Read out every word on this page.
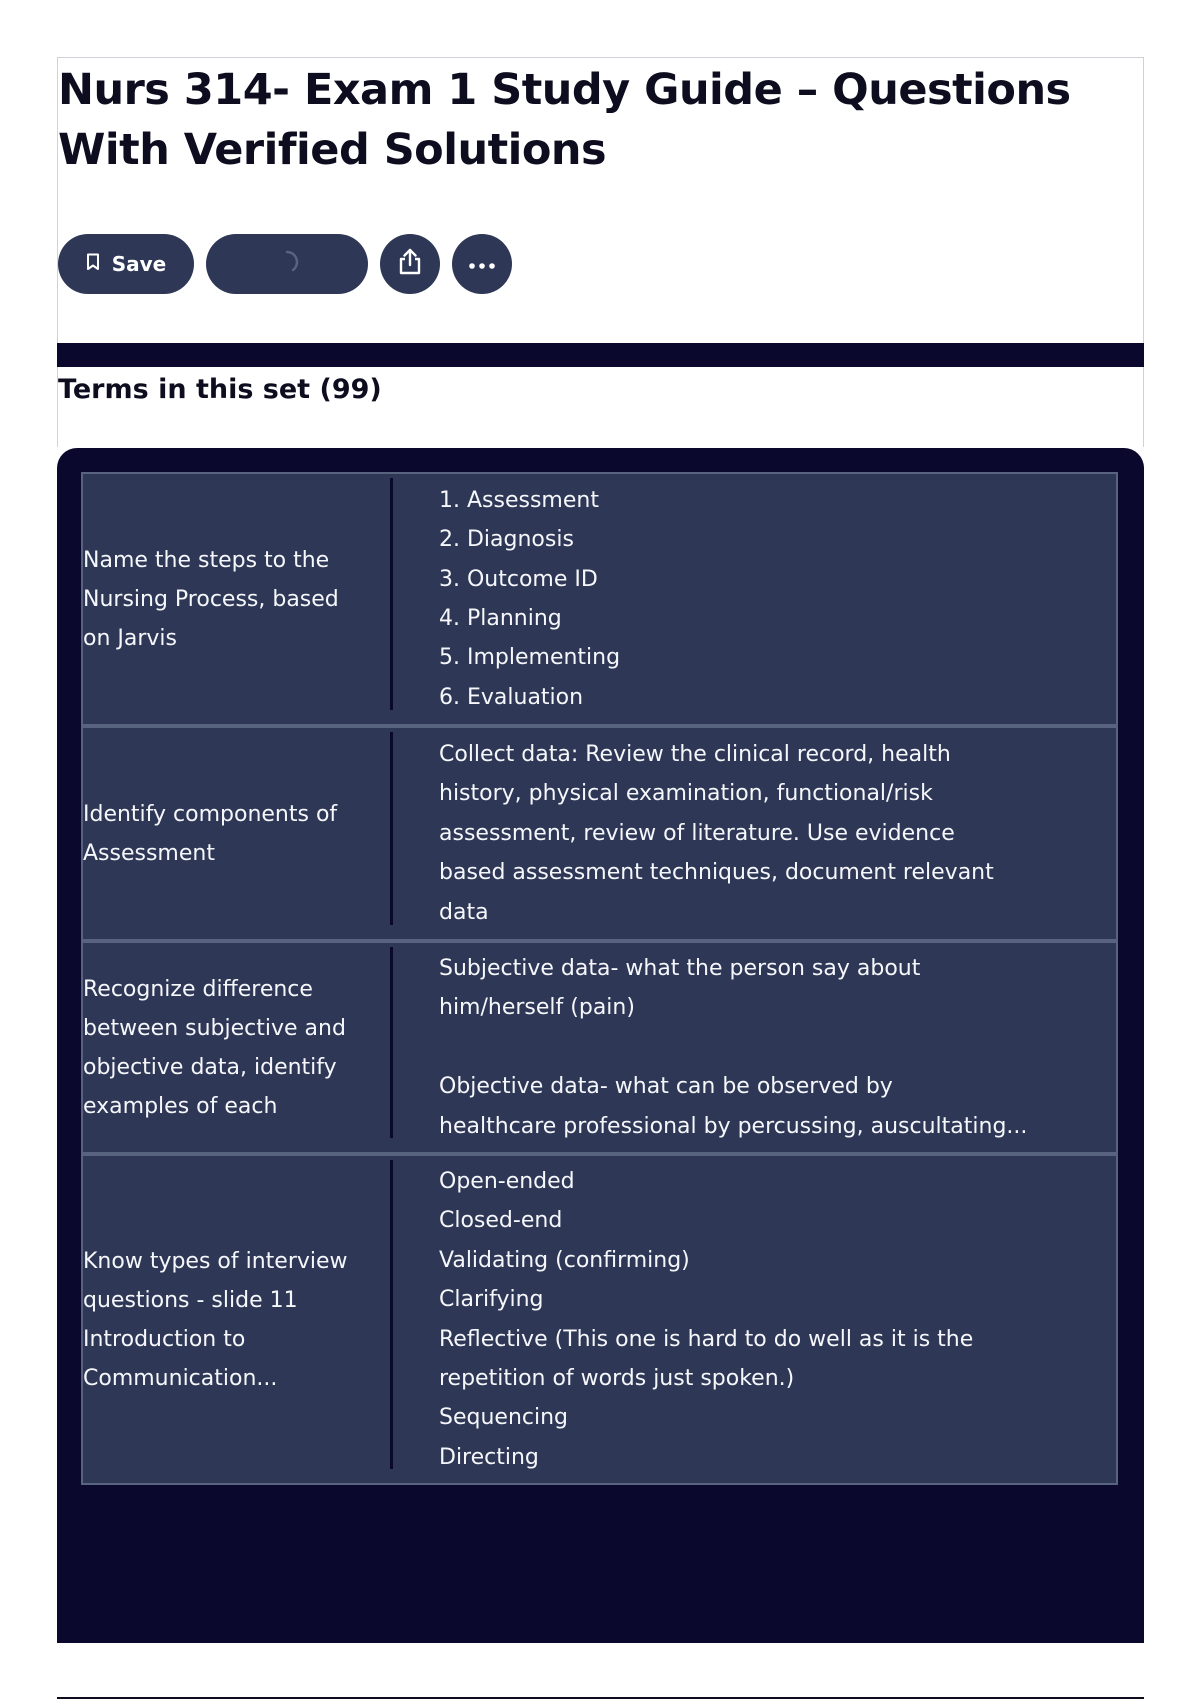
Nurs 314- Exam 1 Study Guide – Questions With Verified Solutions
Save
Terms in this set (99)
Name the steps to the
Nursing Process, based
on Jarvis
1. Assessment
2. Diagnosis
3. Outcome ID
4. Planning
5. Implementing
6. Evaluation
Identify components of
Assessment
Collect data: Review the clinical record, health
history, physical examination, functional/risk
assessment, review of literature. Use evidence
based assessment techniques, document relevant
data
Recognize difference
between subjective and
objective data, identify
examples of each
Subjective data- what the person say about
him/herself (pain)

Objective data- what can be observed by
healthcare professional by percussing, auscultating...
Know types of interview
questions - slide 11
Introduction to
Communication...
Open-ended
Closed-end
Validating (confirming)
Clarifying
Reflective (This one is hard to do well as it is the
repetition of words just spoken.)
Sequencing
Directing
